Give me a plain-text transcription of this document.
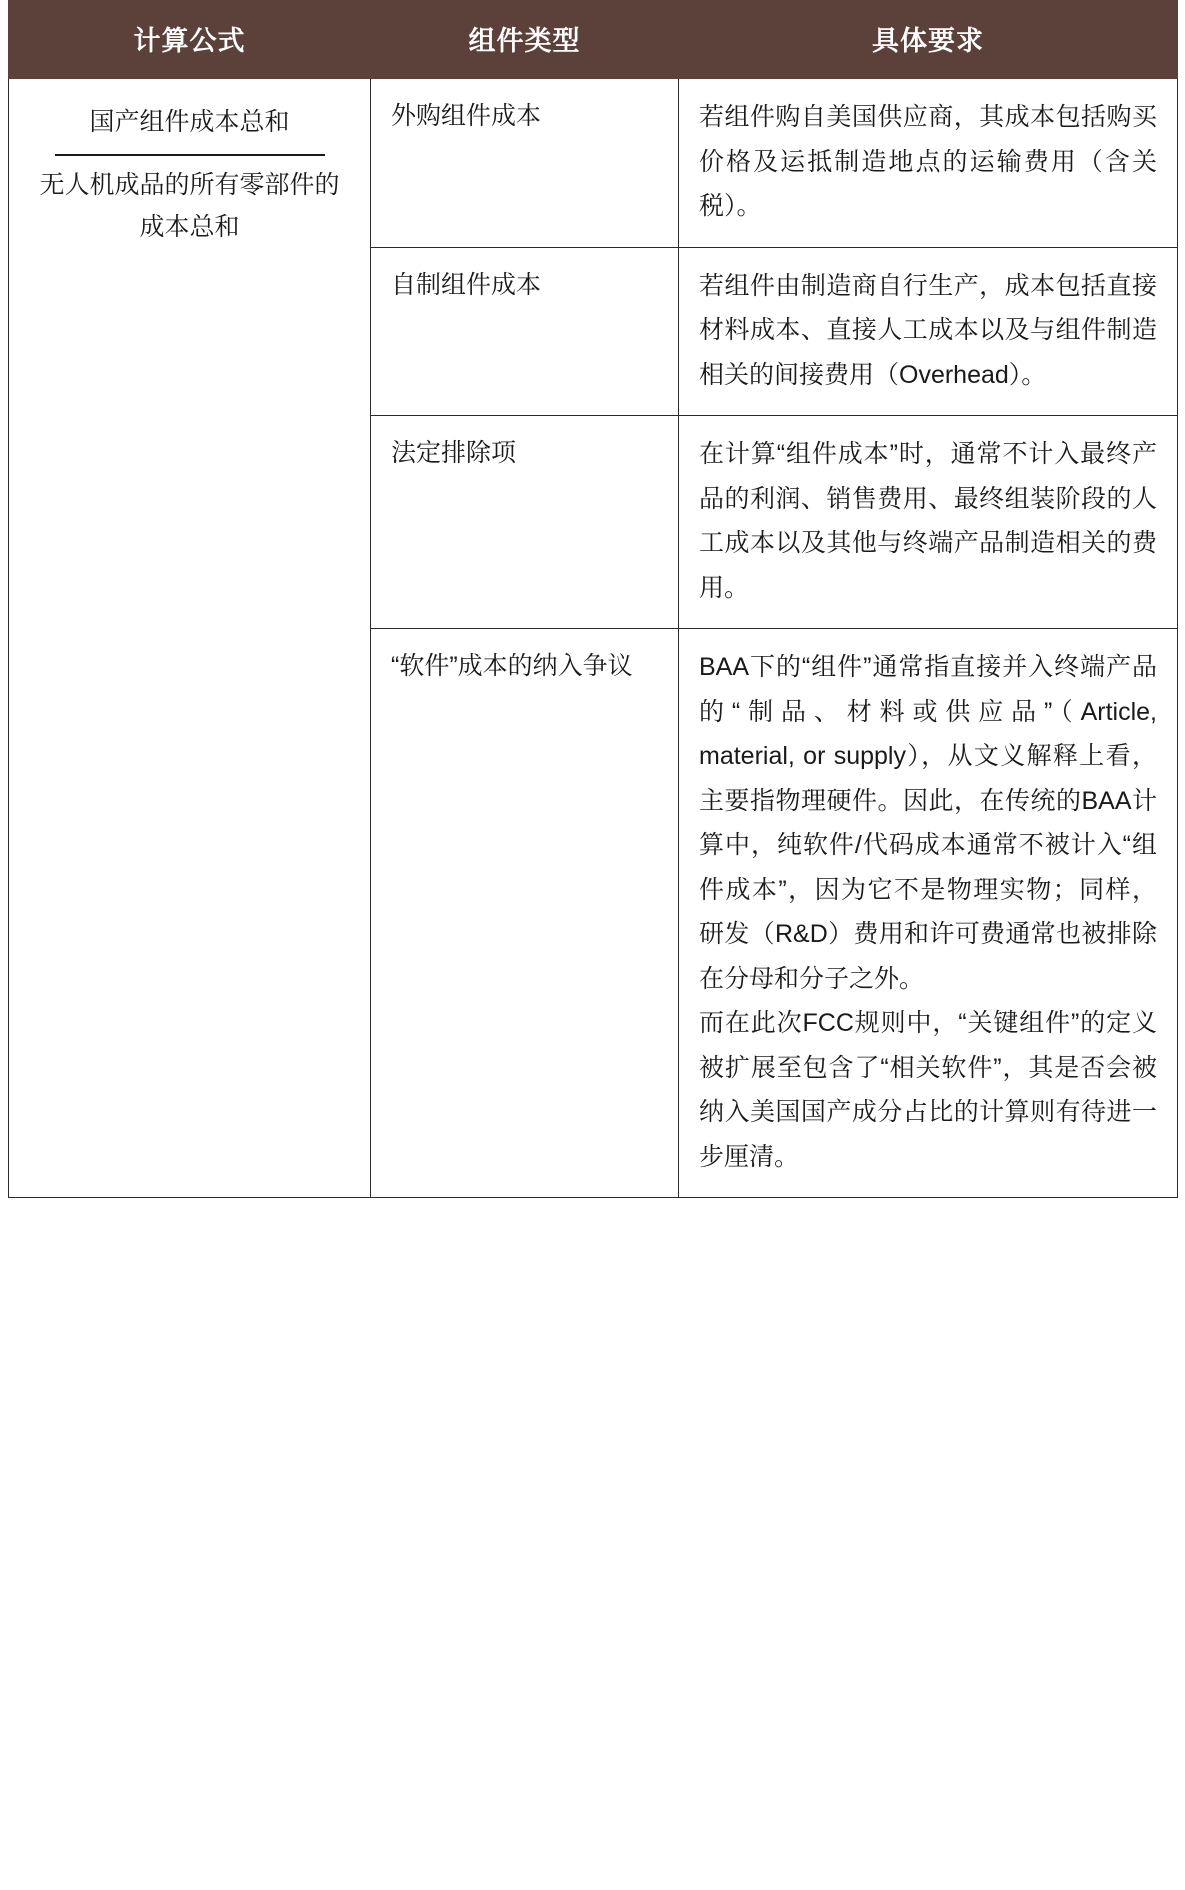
计算公式	组件类型	具体要求

$\frac{\text{国产组件成本总和}}{\text{无人机成品的所有零部件的成本总和}}$	外购组件成本	若组件购自美国供应商，其成本包括购买价格及运抵制造地点的运输费用（含关税）。
	自制组件成本	若组件由制造商自行生产，成本包括直接材料成本、直接人工成本以及与组件制造相关的间接费用（Overhead）。
	法定排除项	在计算“组件成本”时，通常不计入最终产品的利润、销售费用、最终组装阶段的人工成本以及其他与终端产品制造相关的费用。
	“软件”成本的纳入争议	BAA下的“组件”通常指直接并入终端产品的“制品、材料或供应品”（Article, material, or supply），从文义解释上看，主要指物理硬件。因此，在传统的BAA计算中，纯软件/代码成本通常不被计入“组件成本”，因为它不是物理实物；同样，研发（R&D）费用和许可费通常也被排除在分母和分子之外。

而在此次FCC规则中，“关键组件”的定义被扩展至包含了“相关软件”，其是否会被纳入美国国产成分占比的计算则有待进一步厘清。
